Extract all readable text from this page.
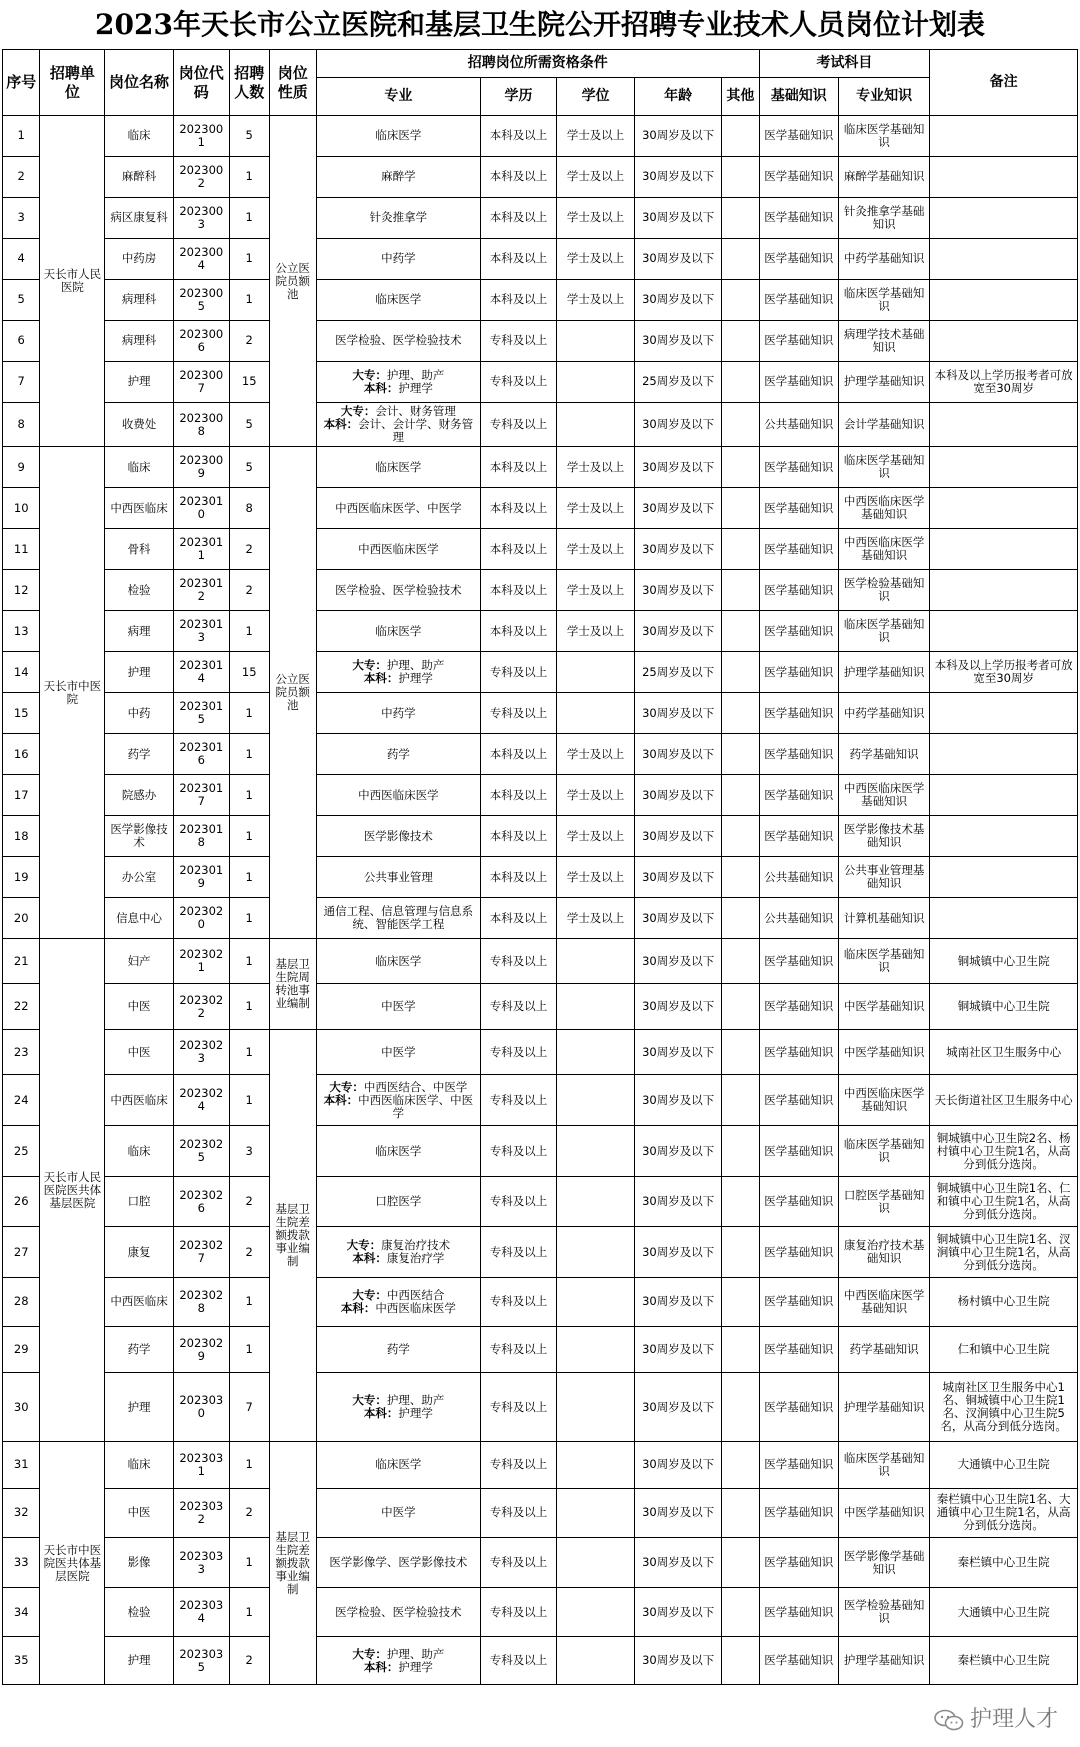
2023年天长市公立医院和基层卫生院公开招聘专业技术人员岗位计划表
序号	招聘单位	岗位名称	岗位代码	招聘人数	岗位性质	招聘岗位所需资格条件					考试科目		备注
						专业	学历	学位	年龄	其他	基础知识	专业知识	
1	天长市人民医院	临床	2023001	5	公立医院员额池	临床医学	本科及以上	学士及以上	30周岁及以下		医学基础知识	临床医学基础知识	
2		麻醉科	2023002	1		麻醉学	本科及以上	学士及以上	30周岁及以下		医学基础知识	麻醉学基础知识	
3		病区康复科	2023003	1		针灸推拿学	本科及以上	学士及以上	30周岁及以下		医学基础知识	针灸推拿学基础知识	
4		中药房	2023004	1		中药学	本科及以上	学士及以上	30周岁及以下		医学基础知识	中药学基础知识	
5		病理科	2023005	1		临床医学	本科及以上	学士及以上	30周岁及以下		医学基础知识	临床医学基础知识	
6		病理科	2023006	2		医学检验、医学检验技术	专科及以上		30周岁及以下		医学基础知识	病理学技术基础知识	
7		护理	2023007	15		大专：护理、助产
本科：护理学	专科及以上		25周岁及以下		医学基础知识	护理学基础知识	本科及以上学历报考者可放宽至30周岁
8		收费处	2023008	5		大专：会计、财务管理
本科：会计、会计学、财务管理	专科及以上		30周岁及以下		公共基础知识	会计学基础知识	
9	天长市中医院	临床	2023009	5	公立医院员额池	临床医学	本科及以上	学士及以上	30周岁及以下		医学基础知识	临床医学基础知识	
10		中西医临床	2023010	8		中西医临床医学、中医学	本科及以上	学士及以上	30周岁及以下		医学基础知识	中西医临床医学基础知识	
11		骨科	2023011	2		中西医临床医学	本科及以上	学士及以上	30周岁及以下		医学基础知识	中西医临床医学基础知识	
12		检验	2023012	2		医学检验、医学检验技术	本科及以上	学士及以上	30周岁及以下		医学基础知识	医学检验基础知识	
13		病理	2023013	1		临床医学	本科及以上	学士及以上	30周岁及以下		医学基础知识	临床医学基础知识	
14		护理	2023014	15		大专：护理、助产
本科：护理学	专科及以上		25周岁及以下		医学基础知识	护理学基础知识	本科及以上学历报考者可放宽至30周岁
15		中药	2023015	1		中药学	专科及以上		30周岁及以下		医学基础知识	中药学基础知识	
16		药学	2023016	1		药学	本科及以上	学士及以上	30周岁及以下		医学基础知识	药学基础知识	
17		院感办	2023017	1		中西医临床医学	本科及以上	学士及以上	30周岁及以下		医学基础知识	中西医临床医学基础知识	
18		医学影像技术	2023018	1		医学影像技术	本科及以上	学士及以上	30周岁及以下		医学基础知识	医学影像技术基础知识	
19		办公室	2023019	1		公共事业管理	本科及以上	学士及以上	30周岁及以下		公共基础知识	公共事业管理基础知识	
20		信息中心	2023020	1		通信工程、信息管理与信息系统、智能医学工程	本科及以上	学士及以上	30周岁及以下		公共基础知识	计算机基础知识	
21	天长市人民医院医共体基层医院	妇产	2023021	1	基层卫生院周转池事业编制	临床医学	专科及以上		30周岁及以下		医学基础知识	临床医学基础知识	铜城镇中心卫生院
22		中医	2023022	1		中医学	专科及以上		30周岁及以下		医学基础知识	中医学基础知识	铜城镇中心卫生院
23		中医	2023023	1	基层卫生院差额拨款事业编制	中医学	专科及以上		30周岁及以下		医学基础知识	中医学基础知识	城南社区卫生服务中心
24		中西医临床	2023024	1		大专：中西医结合、中医学
本科：中西医临床医学、中医学	专科及以上		30周岁及以下		医学基础知识	中西医临床医学基础知识	天长街道社区卫生服务中心
25		临床	2023025	3		临床医学	专科及以上		30周岁及以下		医学基础知识	临床医学基础知识	铜城镇中心卫生院2名、杨村镇中心卫生院1名，从高分到低分选岗。
26		口腔	2023026	2		口腔医学	专科及以上		30周岁及以下		医学基础知识	口腔医学基础知识	铜城镇中心卫生院1名、仁和镇中心卫生院1名，从高分到低分选岗。
27		康复	2023027	2		大专：康复治疗技术
本科：康复治疗学	专科及以上		30周岁及以下		医学基础知识	康复治疗技术基础知识	铜城镇中心卫生院1名、汊涧镇中心卫生院1名，从高分到低分选岗。
28		中西医临床	2023028	1		大专：中西医结合
本科：中西医临床医学	专科及以上		30周岁及以下		医学基础知识	中西医临床医学基础知识	杨村镇中心卫生院
29		药学	2023029	1		药学	专科及以上		30周岁及以下		医学基础知识	药学基础知识	仁和镇中心卫生院
30		护理	2023030	7		大专：护理、助产
本科：护理学	专科及以上		30周岁及以下		医学基础知识	护理学基础知识	城南社区卫生服务中心1名、铜城镇中心卫生院1名、汊涧镇中心卫生院5名，从高分到低分选岗。
31	天长市中医院医共体基层医院	临床	2023031	1	基层卫生院差额拨款事业编制	临床医学	专科及以上		30周岁及以下		医学基础知识	临床医学基础知识	大通镇中心卫生院
32		中医	2023032	2		中医学	专科及以上		30周岁及以下		医学基础知识	中医学基础知识	秦栏镇中心卫生院1名、大通镇中心卫生院1名，从高分到低分选岗。
33		影像	2023033	1		医学影像学、医学影像技术	专科及以上		30周岁及以下		医学基础知识	医学影像学基础知识	秦栏镇中心卫生院
34		检验	2023034	1		医学检验、医学检验技术	专科及以上		30周岁及以下		医学基础知识	医学检验基础知识	大通镇中心卫生院
35		护理	2023035	2		大专：护理、助产
本科：护理学	专科及以上		30周岁及以下		医学基础知识	护理学基础知识	秦栏镇中心卫生院
护理人才
